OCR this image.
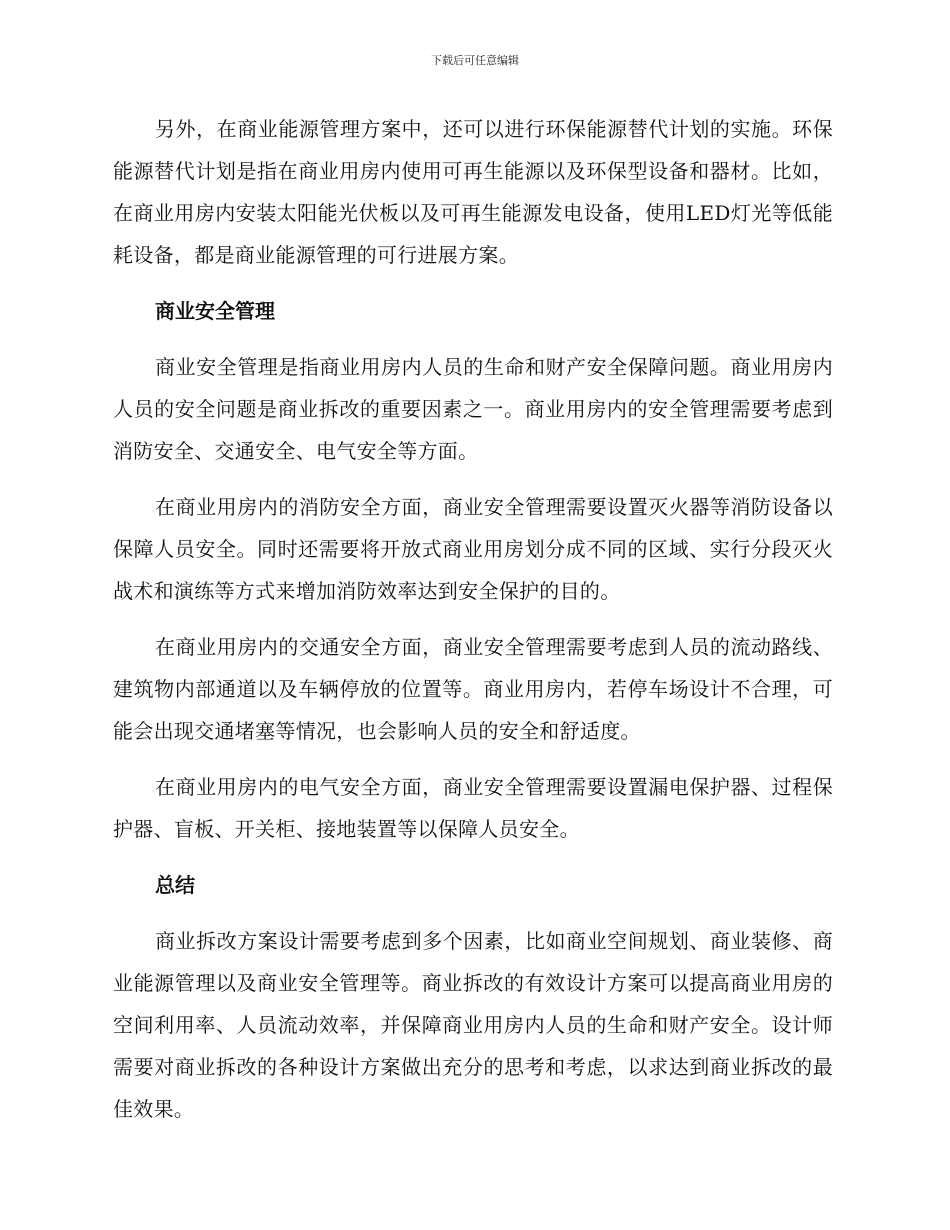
下载后可任意编辑

另外，在商业能源管理方案中，还可以进行环保能源替代计划的实施。环保能源替代计划是指在商业用房内使用可再生能源以及环保型设备和器材。比如，在商业用房内安装太阳能光伏板以及可再生能源发电设备，使用LED灯光等低能耗设备，都是商业能源管理的可行进展方案。

商业安全管理

商业安全管理是指商业用房内人员的生命和财产安全保障问题。商业用房内人员的安全问题是商业拆改的重要因素之一。商业用房内的安全管理需要考虑到消防安全、交通安全、电气安全等方面。

在商业用房内的消防安全方面，商业安全管理需要设置灭火器等消防设备以保障人员安全。同时还需要将开放式商业用房划分成不同的区域、实行分段灭火战术和演练等方式来增加消防效率达到安全保护的目的。

在商业用房内的交通安全方面，商业安全管理需要考虑到人员的流动路线、建筑物内部通道以及车辆停放的位置等。商业用房内，若停车场设计不合理，可能会出现交通堵塞等情况，也会影响人员的安全和舒适度。

在商业用房内的电气安全方面，商业安全管理需要设置漏电保护器、过程保护器、盲板、开关柜、接地装置等以保障人员安全。

总结

商业拆改方案设计需要考虑到多个因素，比如商业空间规划、商业装修、商业能源管理以及商业安全管理等。商业拆改的有效设计方案可以提高商业用房的空间利用率、人员流动效率，并保障商业用房内人员的生命和财产安全。设计师需要对商业拆改的各种设计方案做出充分的思考和考虑，以求达到商业拆改的最佳效果。
